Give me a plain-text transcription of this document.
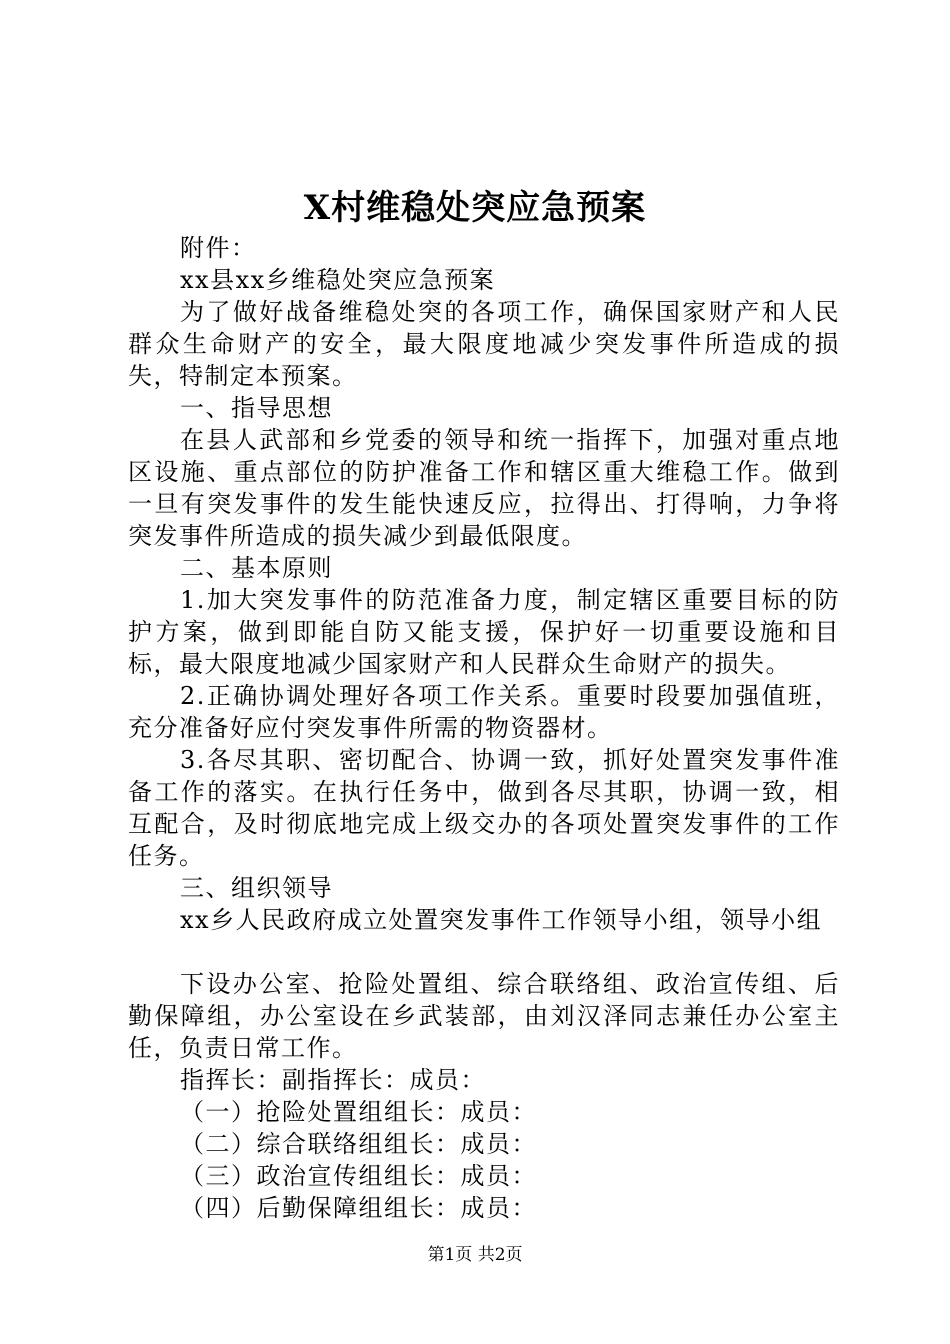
X村维稳处突应急预案

附件：

xx县xx乡维稳处突应急预案

为了做好战备维稳处突的各项工作，确保国家财产和人民群众生命财产的安全，最大限度地减少突发事件所造成的损失，特制定本预案。

一、指导思想

在县人武部和乡党委的领导和统一指挥下，加强对重点地区设施、重点部位的防护准备工作和辖区重大维稳工作。做到一旦有突发事件的发生能快速反应，拉得出、打得响，力争将突发事件所造成的损失减少到最低限度。

二、基本原则

1.加大突发事件的防范准备力度，制定辖区重要目标的防护方案，做到即能自防又能支援，保护好一切重要设施和目标，最大限度地减少国家财产和人民群众生命财产的损失。

2.正确协调处理好各项工作关系。重要时段要加强值班，充分准备好应付突发事件所需的物资器材。

3.各尽其职、密切配合、协调一致，抓好处置突发事件准备工作的落实。在执行任务中，做到各尽其职，协调一致，相互配合，及时彻底地完成上级交办的各项处置突发事件的工作任务。

三、组织领导

xx乡人民政府成立处置突发事件工作领导小组，领导小组

下设办公室、抢险处置组、综合联络组、政治宣传组、后勤保障组，办公室设在乡武装部，由刘汉泽同志兼任办公室主任，负责日常工作。

指挥长：副指挥长：成员：

（一）抢险处置组组长：成员：

（二）综合联络组组长：成员：

（三）政治宣传组组长：成员：

（四）后勤保障组组长：成员：

第1页 共2页
